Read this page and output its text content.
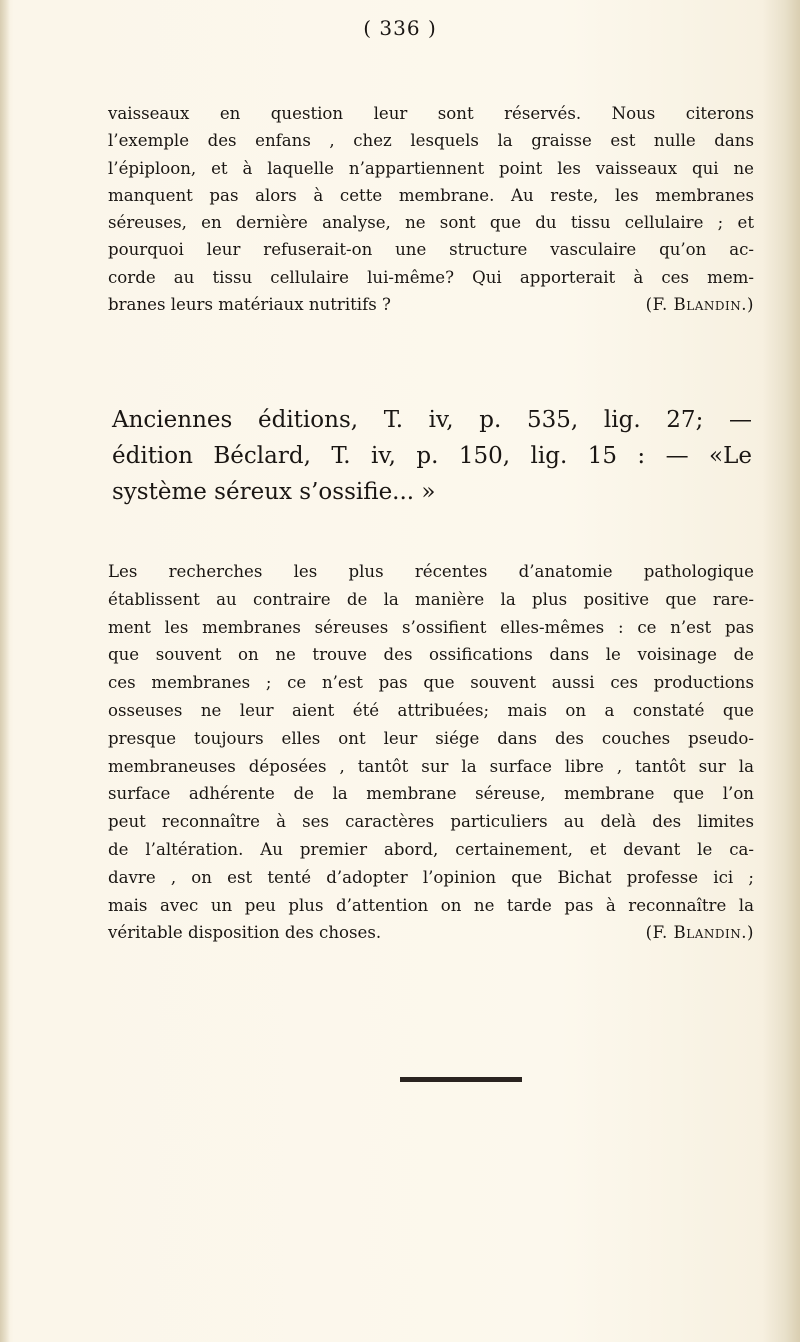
( 336 )
vaisseaux en question leur sont réservés. Nous citerons
l’exemple des enfans , chez lesquels la graisse est nulle dans
l’épiploon, et à laquelle n’appartiennent point les vaisseaux qui ne
manquent pas alors à cette membrane. Au reste, les membranes
séreuses, en dernière analyse, ne sont que du tissu cellulaire ; et
pourquoi leur refuserait-on une structure vasculaire qu’on ac-
corde au tissu cellulaire lui-même? Qui apporterait à ces mem-
branes leurs matériaux nutritifs ?	(F. Blandin.)
Anciennes éditions, T. iv, p. 535, lig. 27; —
édition Béclard, T. iv, p. 150, lig. 15 : — «Le
système séreux s’ossifie... »
Les recherches les plus récentes d’anatomie pathologique
établissent au contraire de la manière la plus positive que rare-
ment les membranes séreuses s’ossifient elles-mêmes : ce n’est pas
que souvent on ne trouve des ossifications dans le voisinage de
ces membranes ; ce n’est pas que souvent aussi ces productions
osseuses ne leur aient été attribuées; mais on a constaté que
presque toujours elles ont leur siége dans des couches pseudo-
membraneuses déposées , tantôt sur la surface libre , tantôt sur la
surface adhérente de la membrane séreuse, membrane que l’on
peut reconnaître à ses caractères particuliers au delà des limites
de l’altération. Au premier abord, certainement, et devant le ca-
davre , on est tenté d’adopter l’opinion que Bichat professe ici ;
mais avec un peu plus d’attention on ne tarde pas à reconnaître la
véritable disposition des choses.	(F. Blandin.)
